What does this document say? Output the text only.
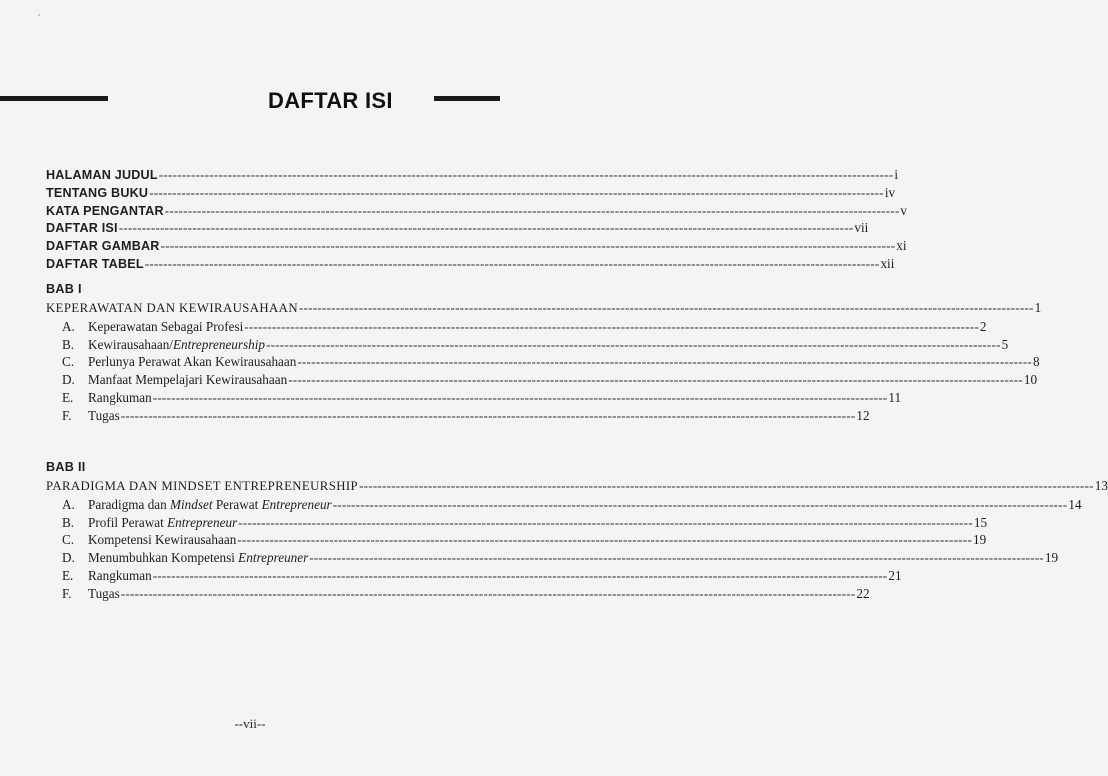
DAFTAR ISI
HALAMAN JUDUL ---------------------------------------------------------------------------------------------------------------------------------------------------------------- i
TENTANG BUKU ---------------------------------------------------------------------------------------------------------------------------------------------------------------- iv
KATA PENGANTAR ---------------------------------------------------------------------------------------------------------------------------------------------------------------- v
DAFTAR ISI ---------------------------------------------------------------------------------------------------------------------------------------------------------------- vii
DAFTAR GAMBAR ---------------------------------------------------------------------------------------------------------------------------------------------------------------- xi
DAFTAR TABEL ---------------------------------------------------------------------------------------------------------------------------------------------------------------- xii
BAB I
KEPERAWATAN DAN KEWIRAUSAHAAN ---------------------------------------------------------------------------------------------------------------------------------------------------------------- 1
A. Keperawatan Sebagai Profesi ---------------------------------------------------------------------------------------------------------------------------------------------------------------- 2
B. Kewirausahaan/Entrepreneurship ---------------------------------------------------------------------------------------------------------------------------------------------------------------- 5
C. Perlunya Perawat Akan Kewirausahaan ---------------------------------------------------------------------------------------------------------------------------------------------------------------- 8
D. Manfaat Mempelajari Kewirausahaan ---------------------------------------------------------------------------------------------------------------------------------------------------------------- 10
E. Rangkuman ---------------------------------------------------------------------------------------------------------------------------------------------------------------- 11
F. Tugas ---------------------------------------------------------------------------------------------------------------------------------------------------------------- 12
BAB II
PARADIGMA DAN MINDSET ENTREPRENEURSHIP ---------------------------------------------------------------------------------------------------------------------------------------------------------------- 13
A. Paradigma dan Mindset Perawat Entrepreneur ---------------------------------------------------------------------------------------------------------------------------------------------------------------- 14
B. Profil Perawat Entrepreneur ---------------------------------------------------------------------------------------------------------------------------------------------------------------- 15
C. Kompetensi Kewirausahaan ---------------------------------------------------------------------------------------------------------------------------------------------------------------- 19
D. Menumbuhkan Kompetensi Entrepreuner ---------------------------------------------------------------------------------------------------------------------------------------------------------------- 19
E. Rangkuman ---------------------------------------------------------------------------------------------------------------------------------------------------------------- 21
F. Tugas ---------------------------------------------------------------------------------------------------------------------------------------------------------------- 22
--vii--
